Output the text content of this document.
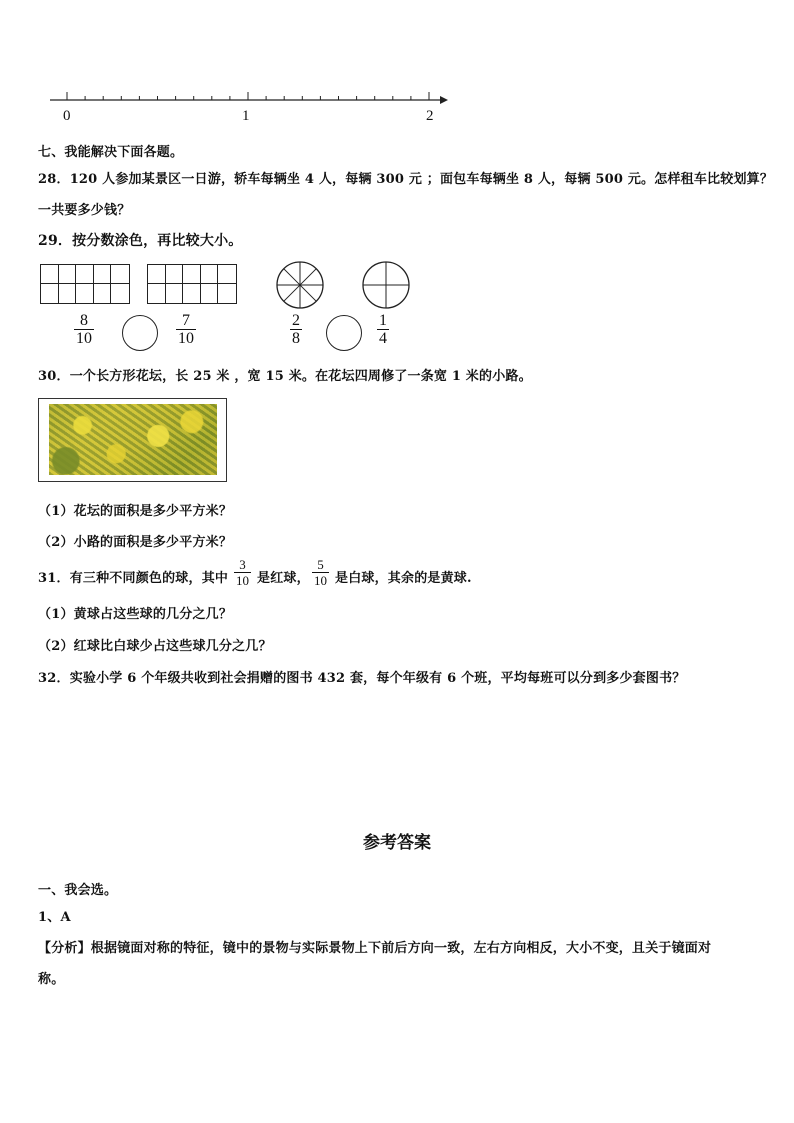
0	1	2
七、我能解决下面各题。
28．120 人参加某景区一日游，轿车每辆坐 4 人，每辆 300 元 ；面包车每辆坐 8 人，每辆 500 元。怎样租车比较划算？
一共要多少钱？
29．按分数涂色，再比较大小。
8
10
7
10
2
8
1
4
30．一个长方形花坛，长 25 米 ，宽 15 米。在花坛四周修了一条宽 1 米的小路。
（1）花坛的面积是多少平方米？
（2）小路的面积是多少平方米？
31．有三种不同颜色的球，其中
3
10 是红球，
5
10 是白球，其余的是黄球.
（1）黄球占这些球的几分之几？
（2）红球比白球少占这些球几分之几？
32．实验小学 6 个年级共收到社会捐赠的图书 432 套，每个年级有 6 个班，平均每班可以分到多少套图书？
参考答案
一、我会选。
1、A
【分析】根据镜面对称的特征，镜中的景物与实际景物上下前后方向一致，左右方向相反，大小不变，且关于镜面对
称。
